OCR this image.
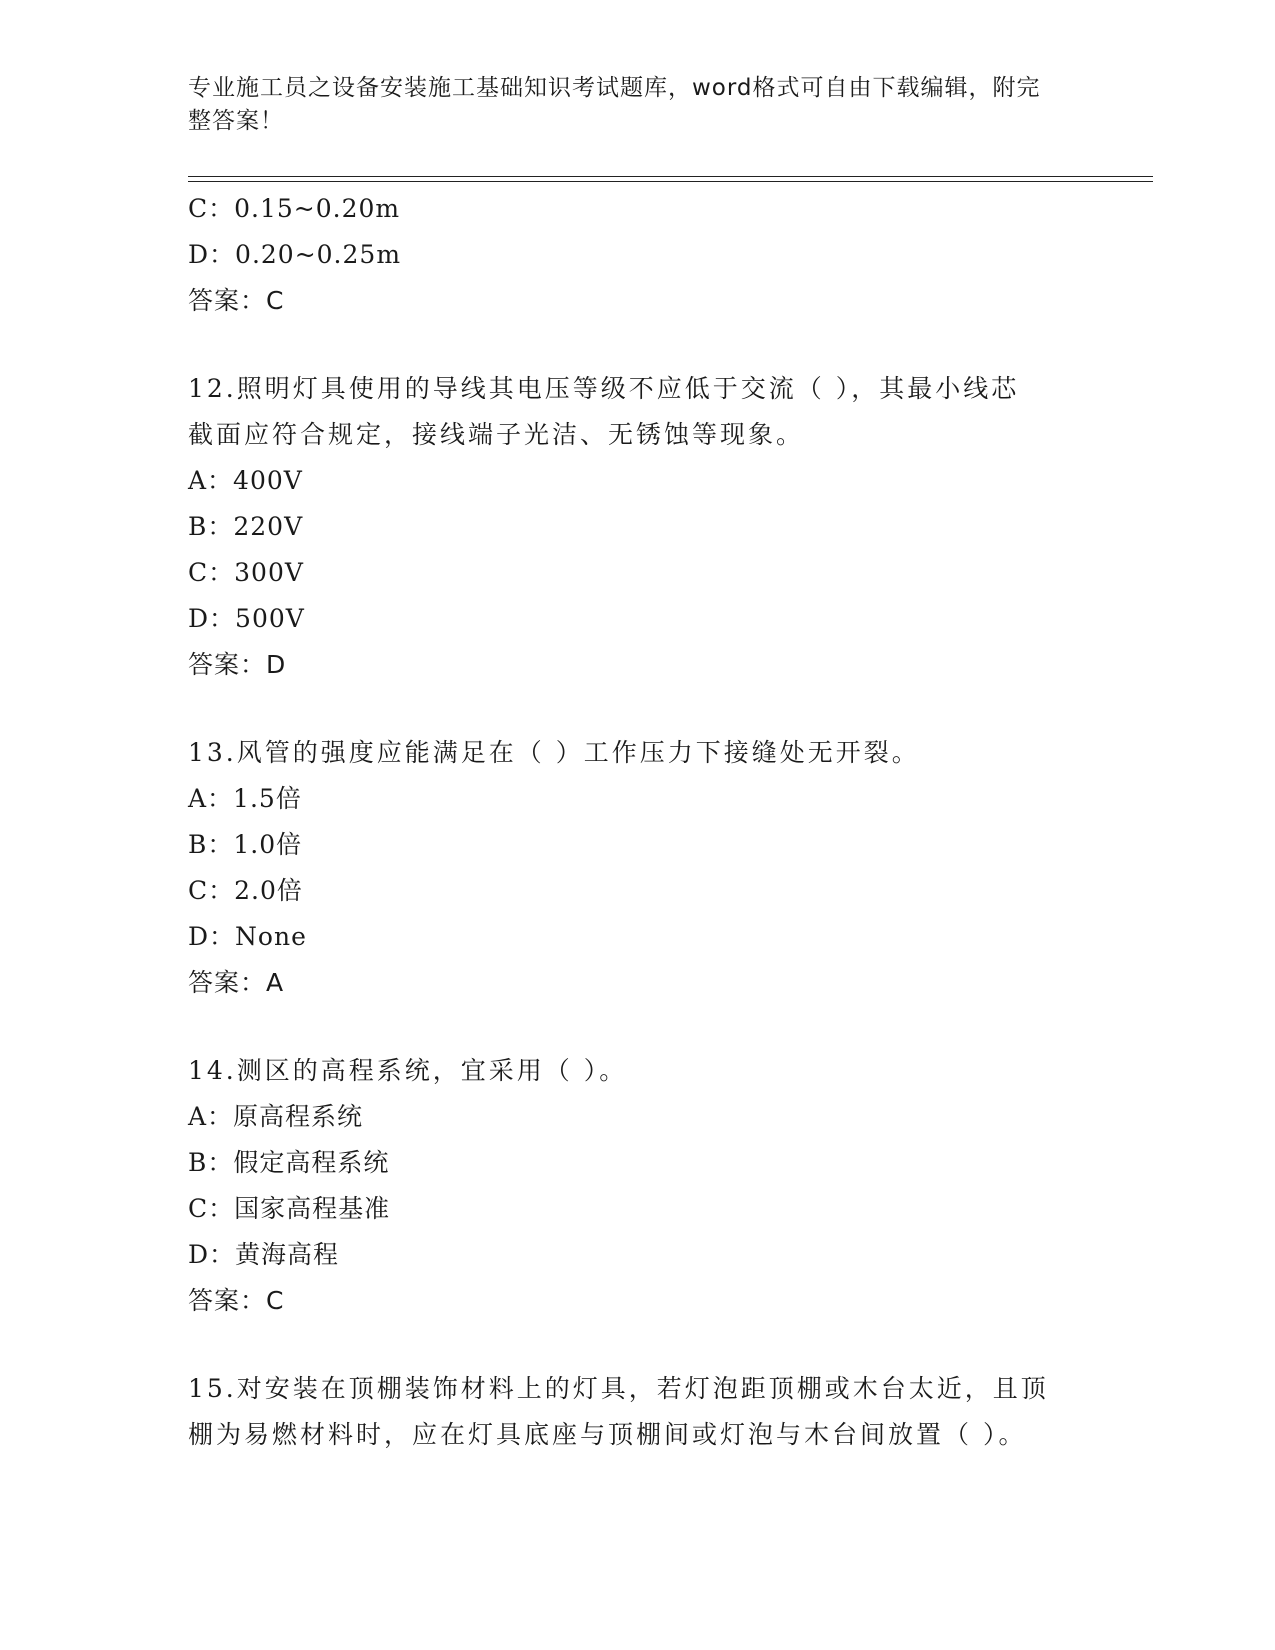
专业施工员之设备安装施工基础知识考试题库，word格式可自由下载编辑，附完
整答案！
C：0.15~0.20m
D：0.20~0.25m
答案：C
12.照明灯具使用的导线其电压等级不应低于交流（ ），其最小线芯
截面应符合规定，接线端子光洁、无锈蚀等现象。
A：400V
B：220V
C：300V
D：500V
答案：D
13.风管的强度应能满足在（ ）工作压力下接缝处无开裂。
A：1.5倍
B：1.0倍
C：2.0倍
D：None
答案：A
14.测区的高程系统，宜采用（ ）。
A：原高程系统
B：假定高程系统
C：国家高程基准
D：黄海高程
答案：C
15.对安装在顶棚装饰材料上的灯具，若灯泡距顶棚或木台太近，且顶
棚为易燃材料时，应在灯具底座与顶棚间或灯泡与木台间放置（ ）。
